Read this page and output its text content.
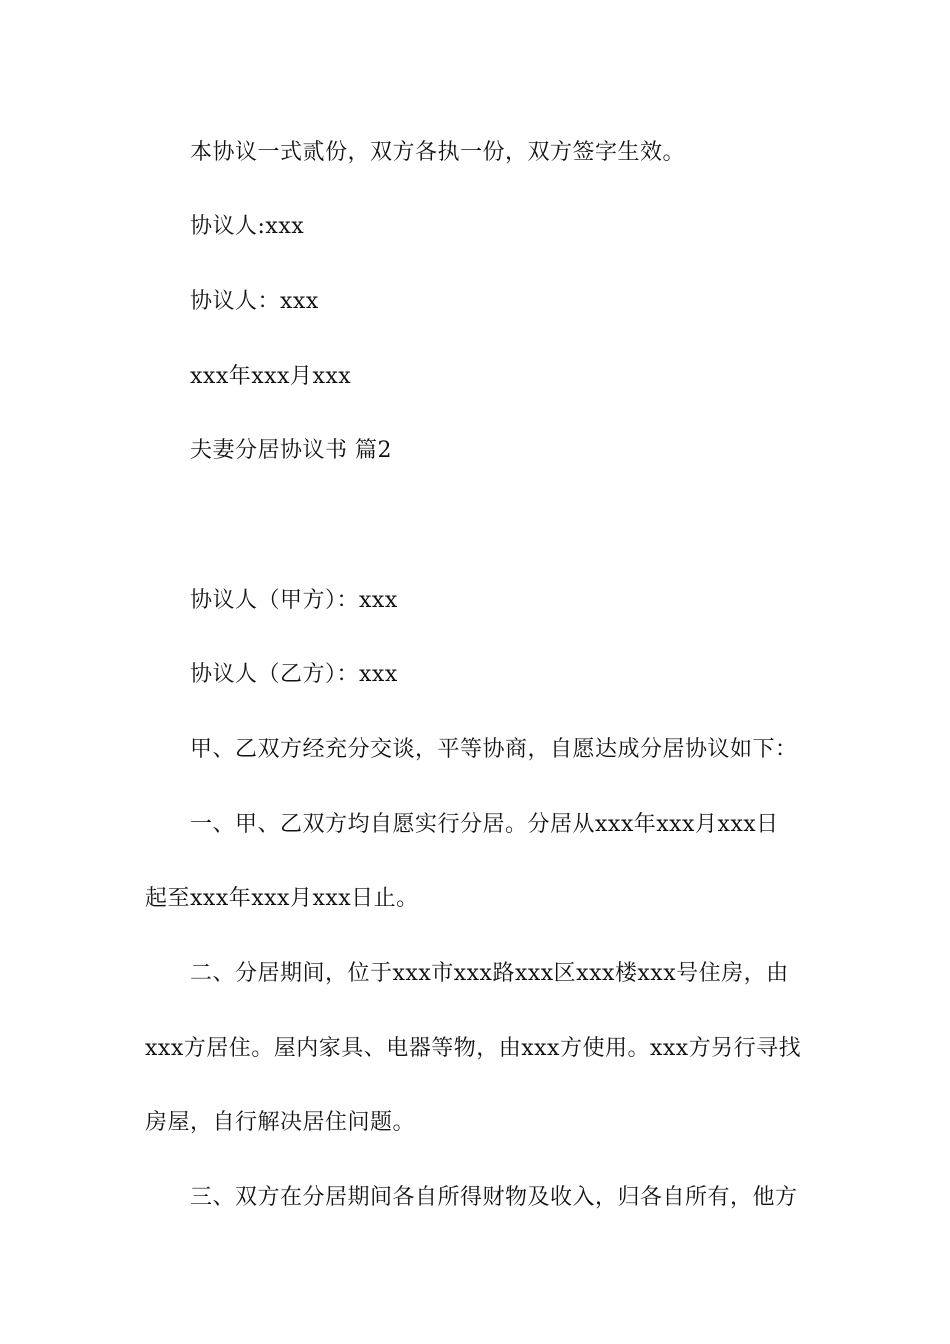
本协议一式贰份，双方各执一份，双方签字生效。
协议人:xxx
协议人：xxx
xxx年xxx月xxx
夫妻分居协议书 篇2
协议人（甲方）：xxx
协议人（乙方）：xxx
甲、乙双方经充分交谈，平等协商，自愿达成分居协议如下：
一、甲、乙双方均自愿实行分居。分居从xxx年xxx月xxx日
起至xxx年xxx月xxx日止。
二、分居期间，位于xxx市xxx路xxx区xxx楼xxx号住房，由
xxx方居住。屋内家具、电器等物，由xxx方使用。xxx方另行寻找
房屋，自行解决居住问题。
三、双方在分居期间各自所得财物及收入，归各自所有，他方
